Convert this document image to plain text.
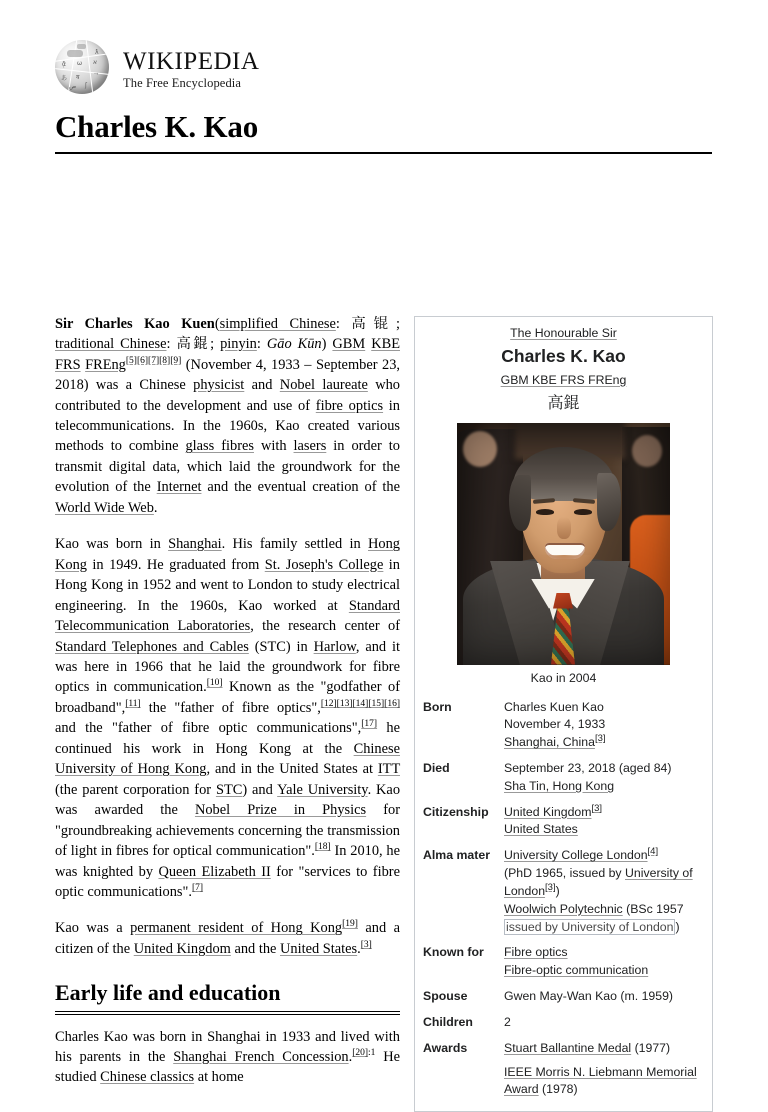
ᾷ ω א
あ य ᄀ
ص ʃ
ƛ WIKIPEDIA
The Free Encyclopedia
Charles K. Kao

Sir Charles Kao Kuen(simplified Chinese: 高锟; traditional Chinese: 高錕; pinyin: Gāo Kūn) GBM KBE FRS FREng[5][6][7][8][9] (November 4, 1933 – September 23, 2018) was a Chinese physicist and Nobel laureate who contributed to the development and use of fibre optics in telecommunications. In the 1960s, Kao created various methods to combine glass fibres with lasers in order to transmit digital data, which laid the groundwork for the evolution of the Internet and the eventual creation of the World Wide Web.

Kao was born in Shanghai. His family settled in Hong Kong in 1949. He graduated from St. Joseph's College in Hong Kong in 1952 and went to London to study electrical engineering. In the 1960s, Kao worked at Standard Telecommunication Laboratories, the research center of Standard Telephones and Cables (STC) in Harlow, and it was here in 1966 that he laid the groundwork for fibre optics in communication.[10] Known as the "godfather of broadband",[11] the "father of fibre optics",[12][13][14][15][16] and the "father of fibre optic communications",[17] he continued his work in Hong Kong at the Chinese University of Hong Kong, and in the United States at ITT (the parent corporation for STC) and Yale University. Kao was awarded the Nobel Prize in Physics for "groundbreaking achievements concerning the transmission of light in fibres for optical communication".[18] In 2010, he was knighted by Queen Elizabeth II for "services to fibre optic communications".[7]

Kao was a permanent resident of Hong Kong[19] and a citizen of the United Kingdom and the United States.[3]

Early life and education

Charles Kao was born in Shanghai in 1933 and lived with his parents in the Shanghai French Concession.$^{[20]:1}$ He studied Chinese classics at home

The Honourable Sir
Charles K. Kao
GBM KBE FRS FREng
高錕
Kao in 2004
Born	Charles Kuen Kao
November 4, 1933
Shanghai, China[3]

Died	September 23, 2018 (aged 84)
Sha Tin, Hong Kong

Citizenship	United Kingdom[3]
United States

Alma mater	University College London[4]
(PhD 1965, issued by University of London[3])
Woolwich Polytechnic (BSc 1957 issued by University of London )

Known for	Fibre optics
Fibre-optic communication

Spouse	Gwen May-Wan Kao (m. 1959)
Children	2
Awards	Stuart Ballantine Medal (1977)
IEEE Morris N. Liebmann Memorial Award (1978)
